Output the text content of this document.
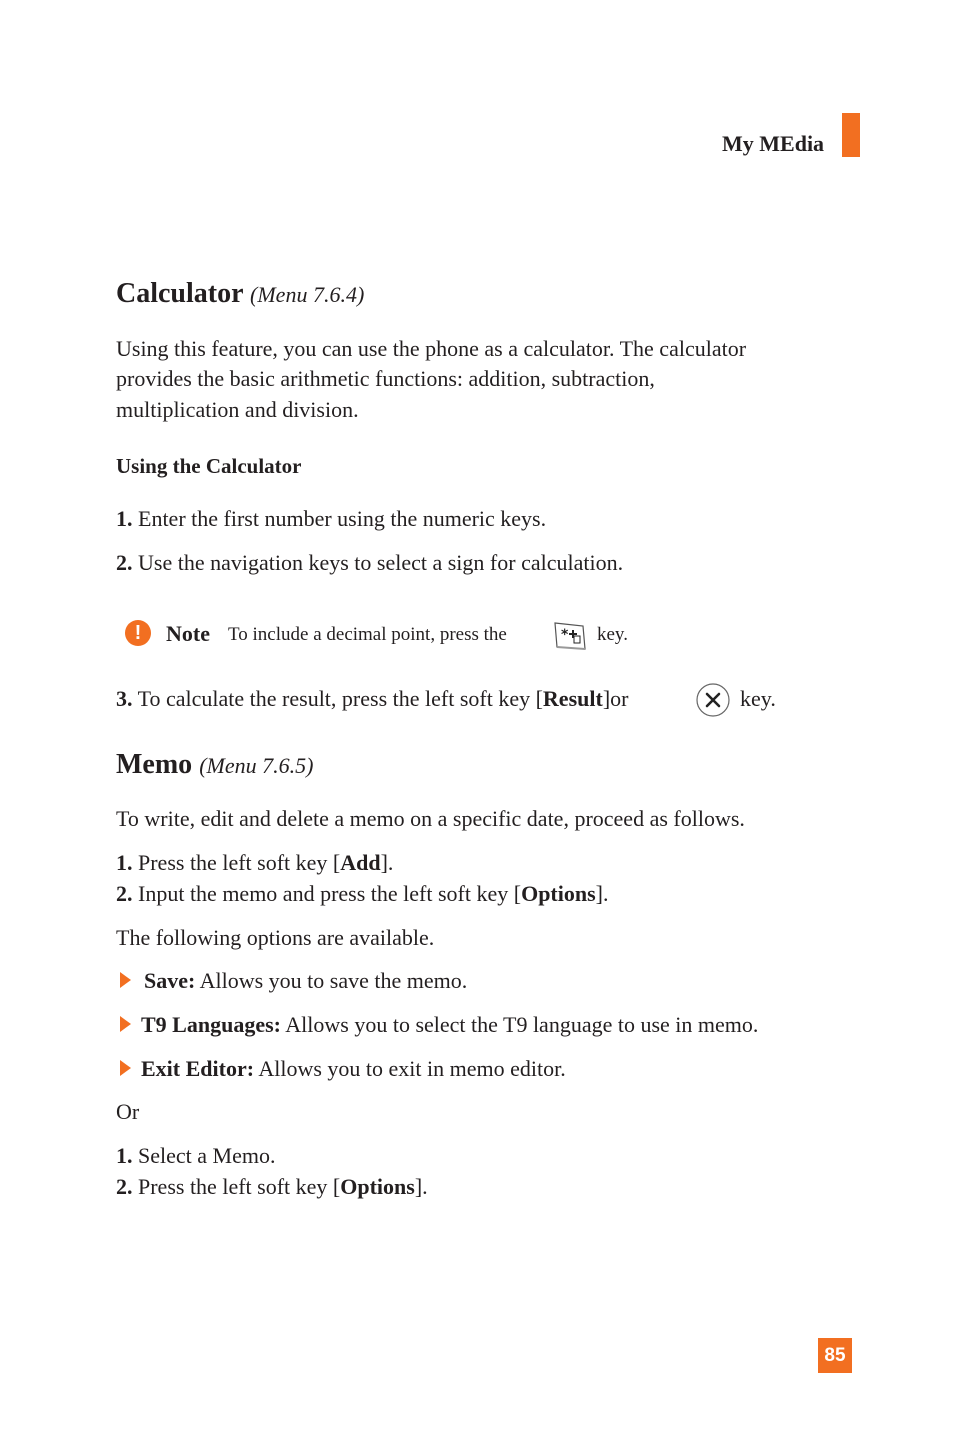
My MEdia
Calculator (Menu 7.6.4)
Using this feature, you can use the phone as a calculator. The calculator
provides the basic arithmetic functions: addition, subtraction,
multiplication and division.
Using the Calculator
1. Enter the first number using the numeric keys.
2. Use the navigation keys to select a sign for calculation.
!	Note To include a decimal point, press the	* key.
3. To calculate the result, press the left soft key [Result]or	key.
Memo (Menu 7.6.5)
To write, edit and delete a memo on a specific date, proceed as follows.
1. Press the left soft key [Add].
2. Input the memo and press the left soft key [Options].
The following options are available.
Save: Allows you to save the memo.
T9 Languages: Allows you to select the T9 language to use in memo.
Exit Editor: Allows you to exit in memo editor.
Or
1. Select a Memo.
2. Press the left soft key [Options].
85
